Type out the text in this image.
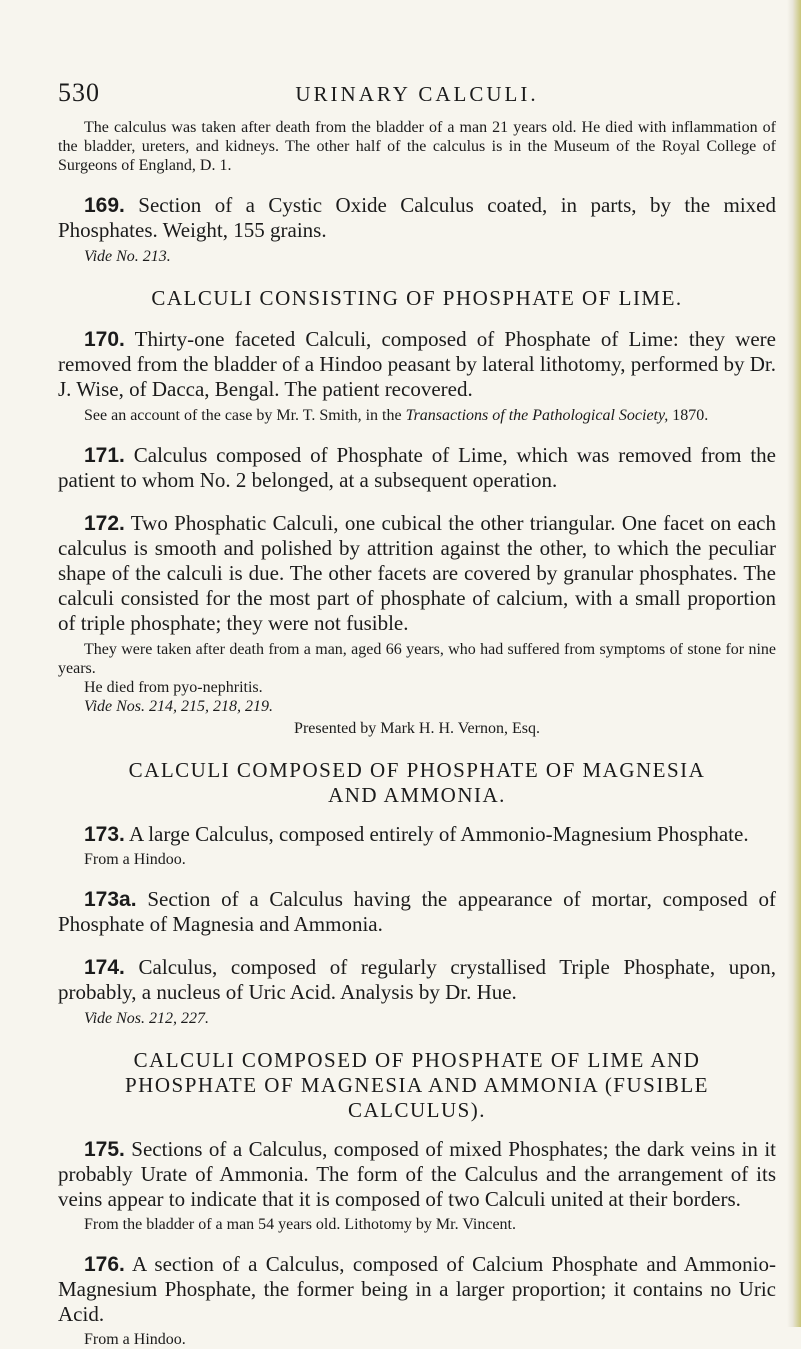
530	URINARY CALCULI.

The calculus was taken after death from the bladder of a man 21 years old. He died with inflammation of the bladder, ureters, and kidneys. The other half of the calculus is in the Museum of the Royal College of Surgeons of England, D. 1.

169. Section of a Cystic Oxide Calculus coated, in parts, by the mixed Phosphates. Weight, 155 grains.

Vide No. 213.

CALCULI CONSISTING OF PHOSPHATE OF LIME.

170. Thirty-one faceted Calculi, composed of Phosphate of Lime: they were removed from the bladder of a Hindoo peasant by lateral lithotomy, performed by Dr. J. Wise, of Dacca, Bengal. The patient recovered.

See an account of the case by Mr. T. Smith, in the Transactions of the Pathological Society, 1870.

171. Calculus composed of Phosphate of Lime, which was removed from the patient to whom No. 2 belonged, at a subsequent operation.

172. Two Phosphatic Calculi, one cubical the other triangular. One facet on each calculus is smooth and polished by attrition against the other, to which the peculiar shape of the calculi is due. The other facets are covered by granular phosphates. The calculi consisted for the most part of phosphate of calcium, with a small proportion of triple phosphate; they were not fusible.

They were taken after death from a man, aged 66 years, who had suffered from symptoms of stone for nine years.

He died from pyo-nephritis.

Vide Nos. 214, 215, 218, 219.

Presented by Mark H. H. Vernon, Esq.

CALCULI COMPOSED OF PHOSPHATE OF MAGNESIA AND AMMONIA.

173. A large Calculus, composed entirely of Ammonio-Magnesium Phosphate.

From a Hindoo.

173a. Section of a Calculus having the appearance of mortar, composed of Phosphate of Magnesia and Ammonia.

174. Calculus, composed of regularly crystallised Triple Phosphate, upon, probably, a nucleus of Uric Acid. Analysis by Dr. Hue.

Vide Nos. 212, 227.

CALCULI COMPOSED OF PHOSPHATE OF LIME AND PHOSPHATE OF MAGNESIA AND AMMONIA (FUSIBLE CALCULUS).

175. Sections of a Calculus, composed of mixed Phosphates; the dark veins in it probably Urate of Ammonia. The form of the Calculus and the arrangement of its veins appear to indicate that it is composed of two Calculi united at their borders.

From the bladder of a man 54 years old. Lithotomy by Mr. Vincent.

176. A section of a Calculus, composed of Calcium Phosphate and Ammonio-Magnesium Phosphate, the former being in a larger proportion; it contains no Uric Acid.

From a Hindoo.
